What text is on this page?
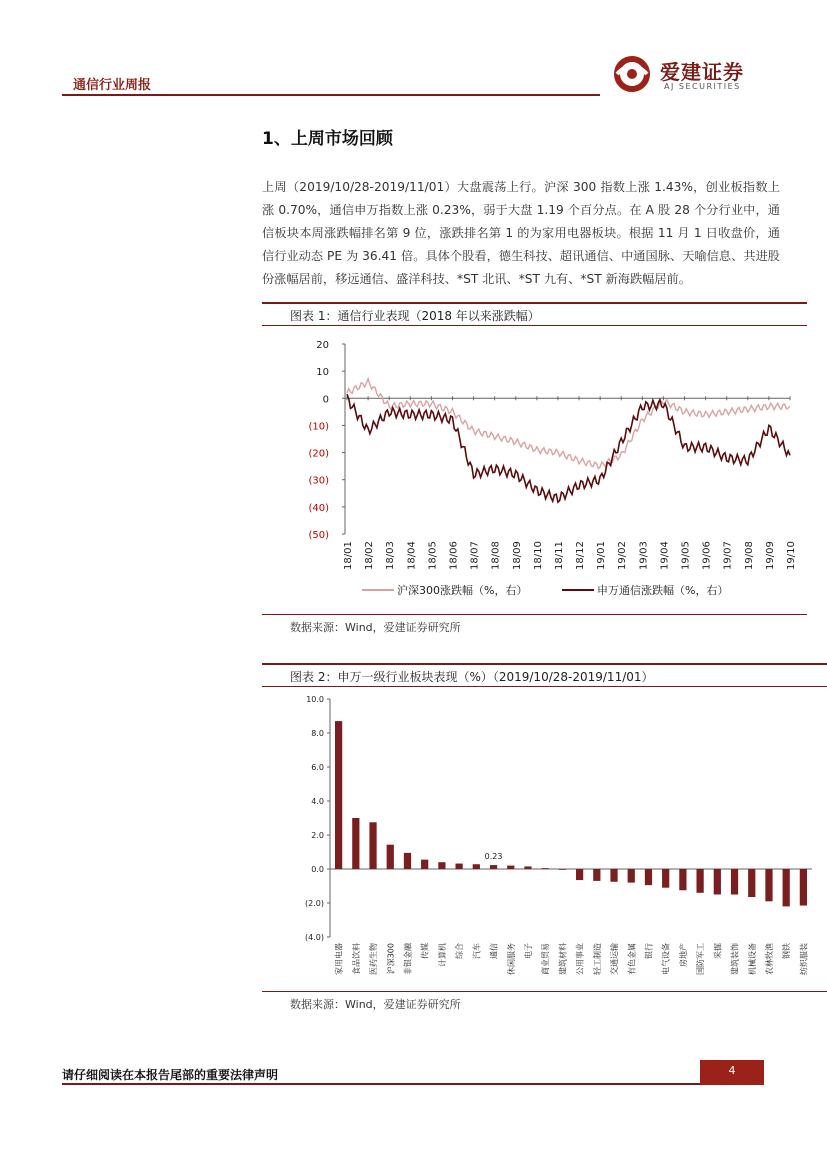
通信行业周报
爱建证券
AJ SECURITIES
1、上周市场回顾
上周（2019/10/28-2019/11/01）大盘震荡上行。沪深 300 指数上涨 1.43%，创业板指数上涨 0.70%，通信申万指数上涨 0.23%，弱于大盘 1.19 个百分点。在 A 股 28 个分行业中，通信板块本周涨跌幅排名第 9 位，涨跌排名第 1 的为家用电器板块。根据 11 月 1 日收盘价，通信行业动态 PE 为 36.41 倍。具体个股看，德生科技、超讯通信、中通国脉、天喻信息、共进股份涨幅居前，移远通信、盛洋科技、*ST 北讯、*ST 九有、*ST 新海跌幅居前。
图表 1：通信行业表现（2018 年以来涨跌幅）
20
10
0
(10)
(20)
(30)
(40)
(50)
18/01 18/02 18/03 18/04 18/05 18/06 18/07 18/08 18/09 18/10 18/11 18/12 19/01 19/02 19/03 19/04 19/05 19/06 19/07 19/08 19/09 19/10
沪深300涨跌幅（%，右）	申万通信涨跌幅（%，右）
数据来源：Wind，爱建证券研究所
图表 2：申万一级行业板块表现（%）（2019/10/28-2019/11/01）
10.0
8.0
6.0
4.0
2.0
0.0
(2.0)
(4.0)
家用电器 食品饮料 医药生物 沪深300 非银金融 传媒 计算机 综合 汽车 通信 休闲服务 电子 商业贸易 建筑材料 公用事业 轻工制造 交通运输 有色金属 银行 电气设备 房地产 国防军工 采掘 建筑装饰 机械设备 农林牧渔 钢铁 纺织服装
0.23
数据来源：Wind，爱建证券研究所
请仔细阅读在本报告尾部的重要法律声明	4
